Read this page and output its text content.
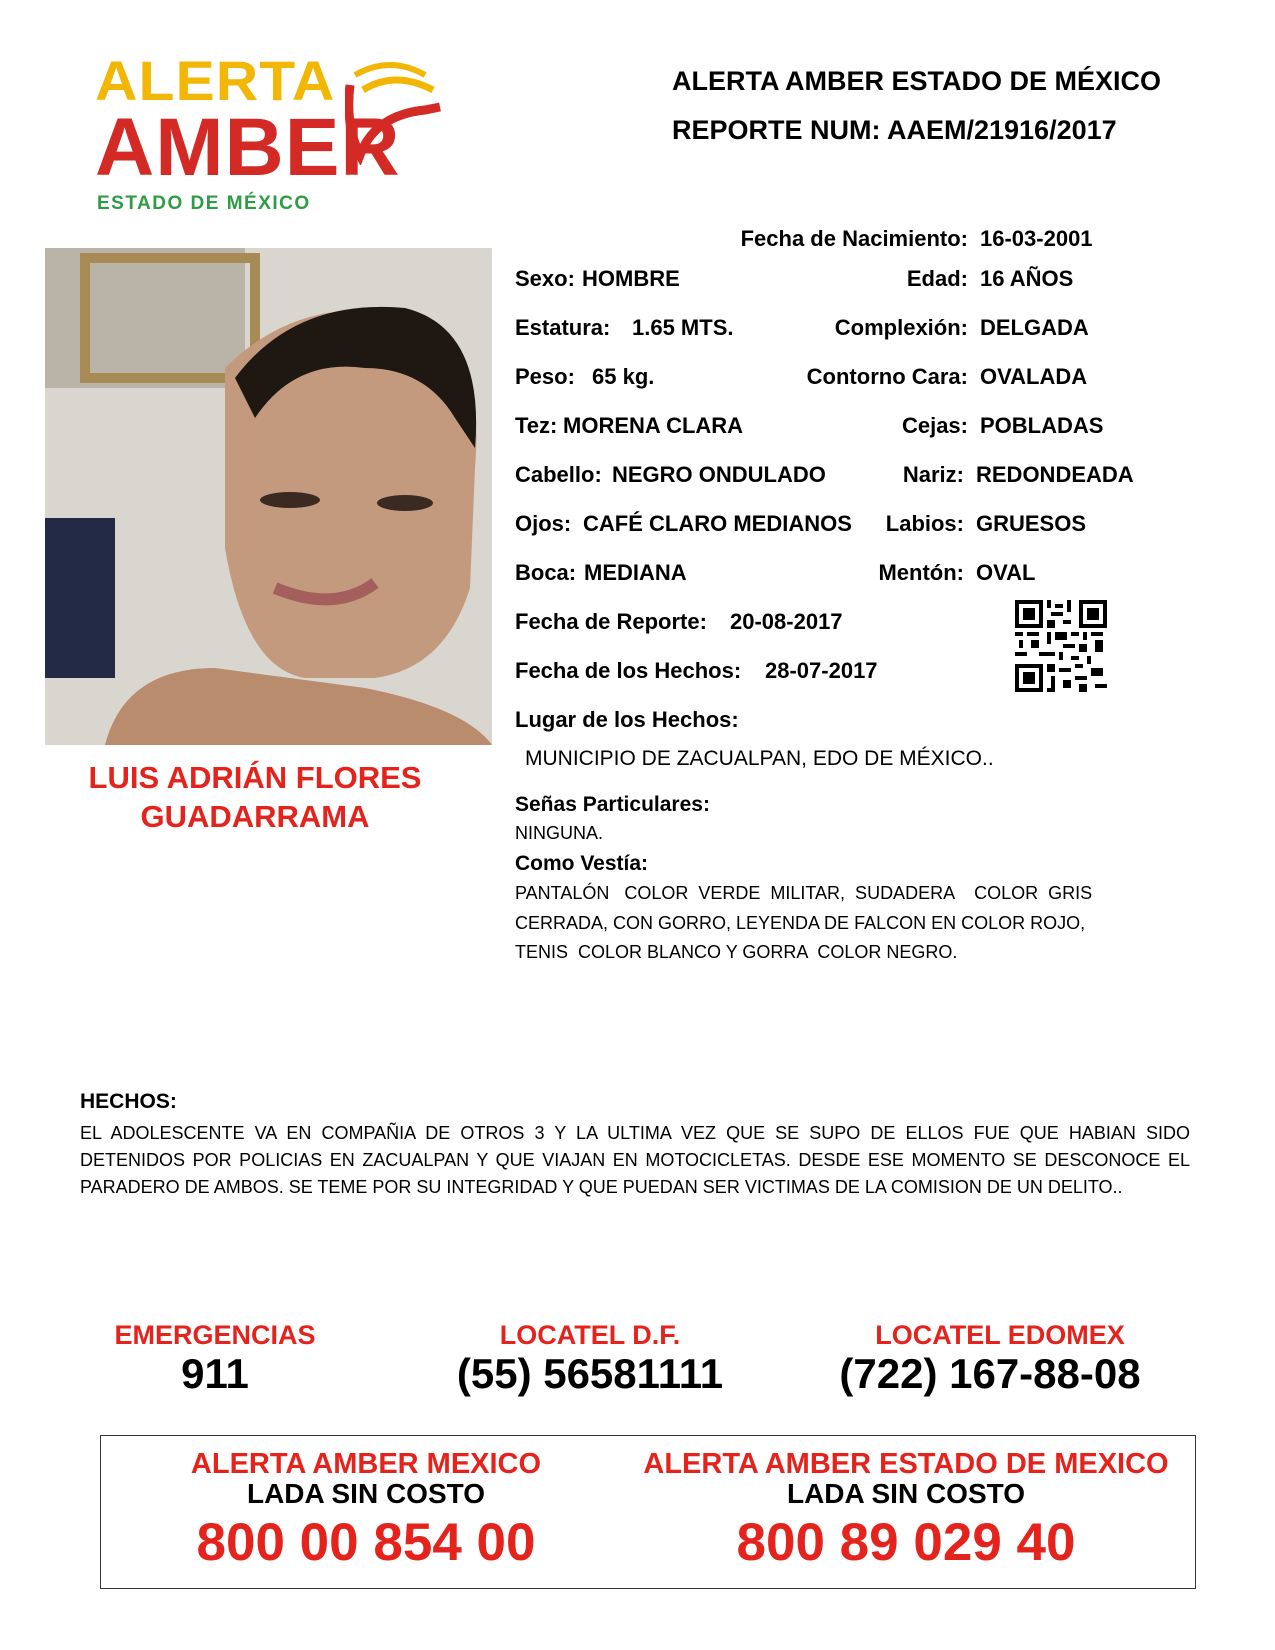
ALERTA
AMBER
ESTADO DE MÉXICO
ALERTA AMBER ESTADO DE MÉXICO
REPORTE NUM: AAEM/21916/2017
LUIS ADRIÁN FLORES
GUADARRAMA
Fecha de Nacimiento: 16-03-2001
Sexo: HOMBRE	Edad: 16 AÑOS
Estatura: 1.65 MTS.	Complexión: DELGADA
Peso: 65 kg.	Contorno Cara: OVALADA
Tez: MORENA CLARA	Cejas: POBLADAS
Cabello: NEGRO ONDULADO	Nariz: REDONDEADA
Ojos: CAFÉ CLARO MEDIANOS	Labios: GRUESOS
Boca: MEDIANA	Mentón: OVAL
Fecha de Reporte: 20-08-2017
Fecha de los Hechos: 28-07-2017
Lugar de los Hechos:
MUNICIPIO DE ZACUALPAN, EDO DE MÉXICO..
Señas Particulares:
NINGUNA.
Como Vestía:
PANTALÓN   COLOR  VERDE  MILITAR,  SUDADERA    COLOR  GRIS
CERRADA, CON GORRO, LEYENDA DE FALCON EN COLOR ROJO,
TENIS  COLOR BLANCO Y GORRA  COLOR NEGRO.
HECHOS:
EL ADOLESCENTE VA EN COMPAÑIA DE OTROS 3 Y LA ULTIMA VEZ QUE SE SUPO DE ELLOS FUE QUE HABIAN SIDO DETENIDOS POR POLICIAS EN ZACUALPAN Y QUE VIAJAN EN MOTOCICLETAS. DESDE ESE MOMENTO SE DESCONOCE EL PARADERO DE AMBOS. SE TEME POR SU INTEGRIDAD Y QUE PUEDAN SER VICTIMAS DE LA COMISION DE UN DELITO..
EMERGENCIAS
911
LOCATEL D.F.
(55) 56581111
LOCATEL EDOMEX
(722) 167-88-08
ALERTA AMBER MEXICO
LADA SIN COSTO
800 00 854 00
ALERTA AMBER ESTADO DE MEXICO
LADA SIN COSTO
800 89 029 40
